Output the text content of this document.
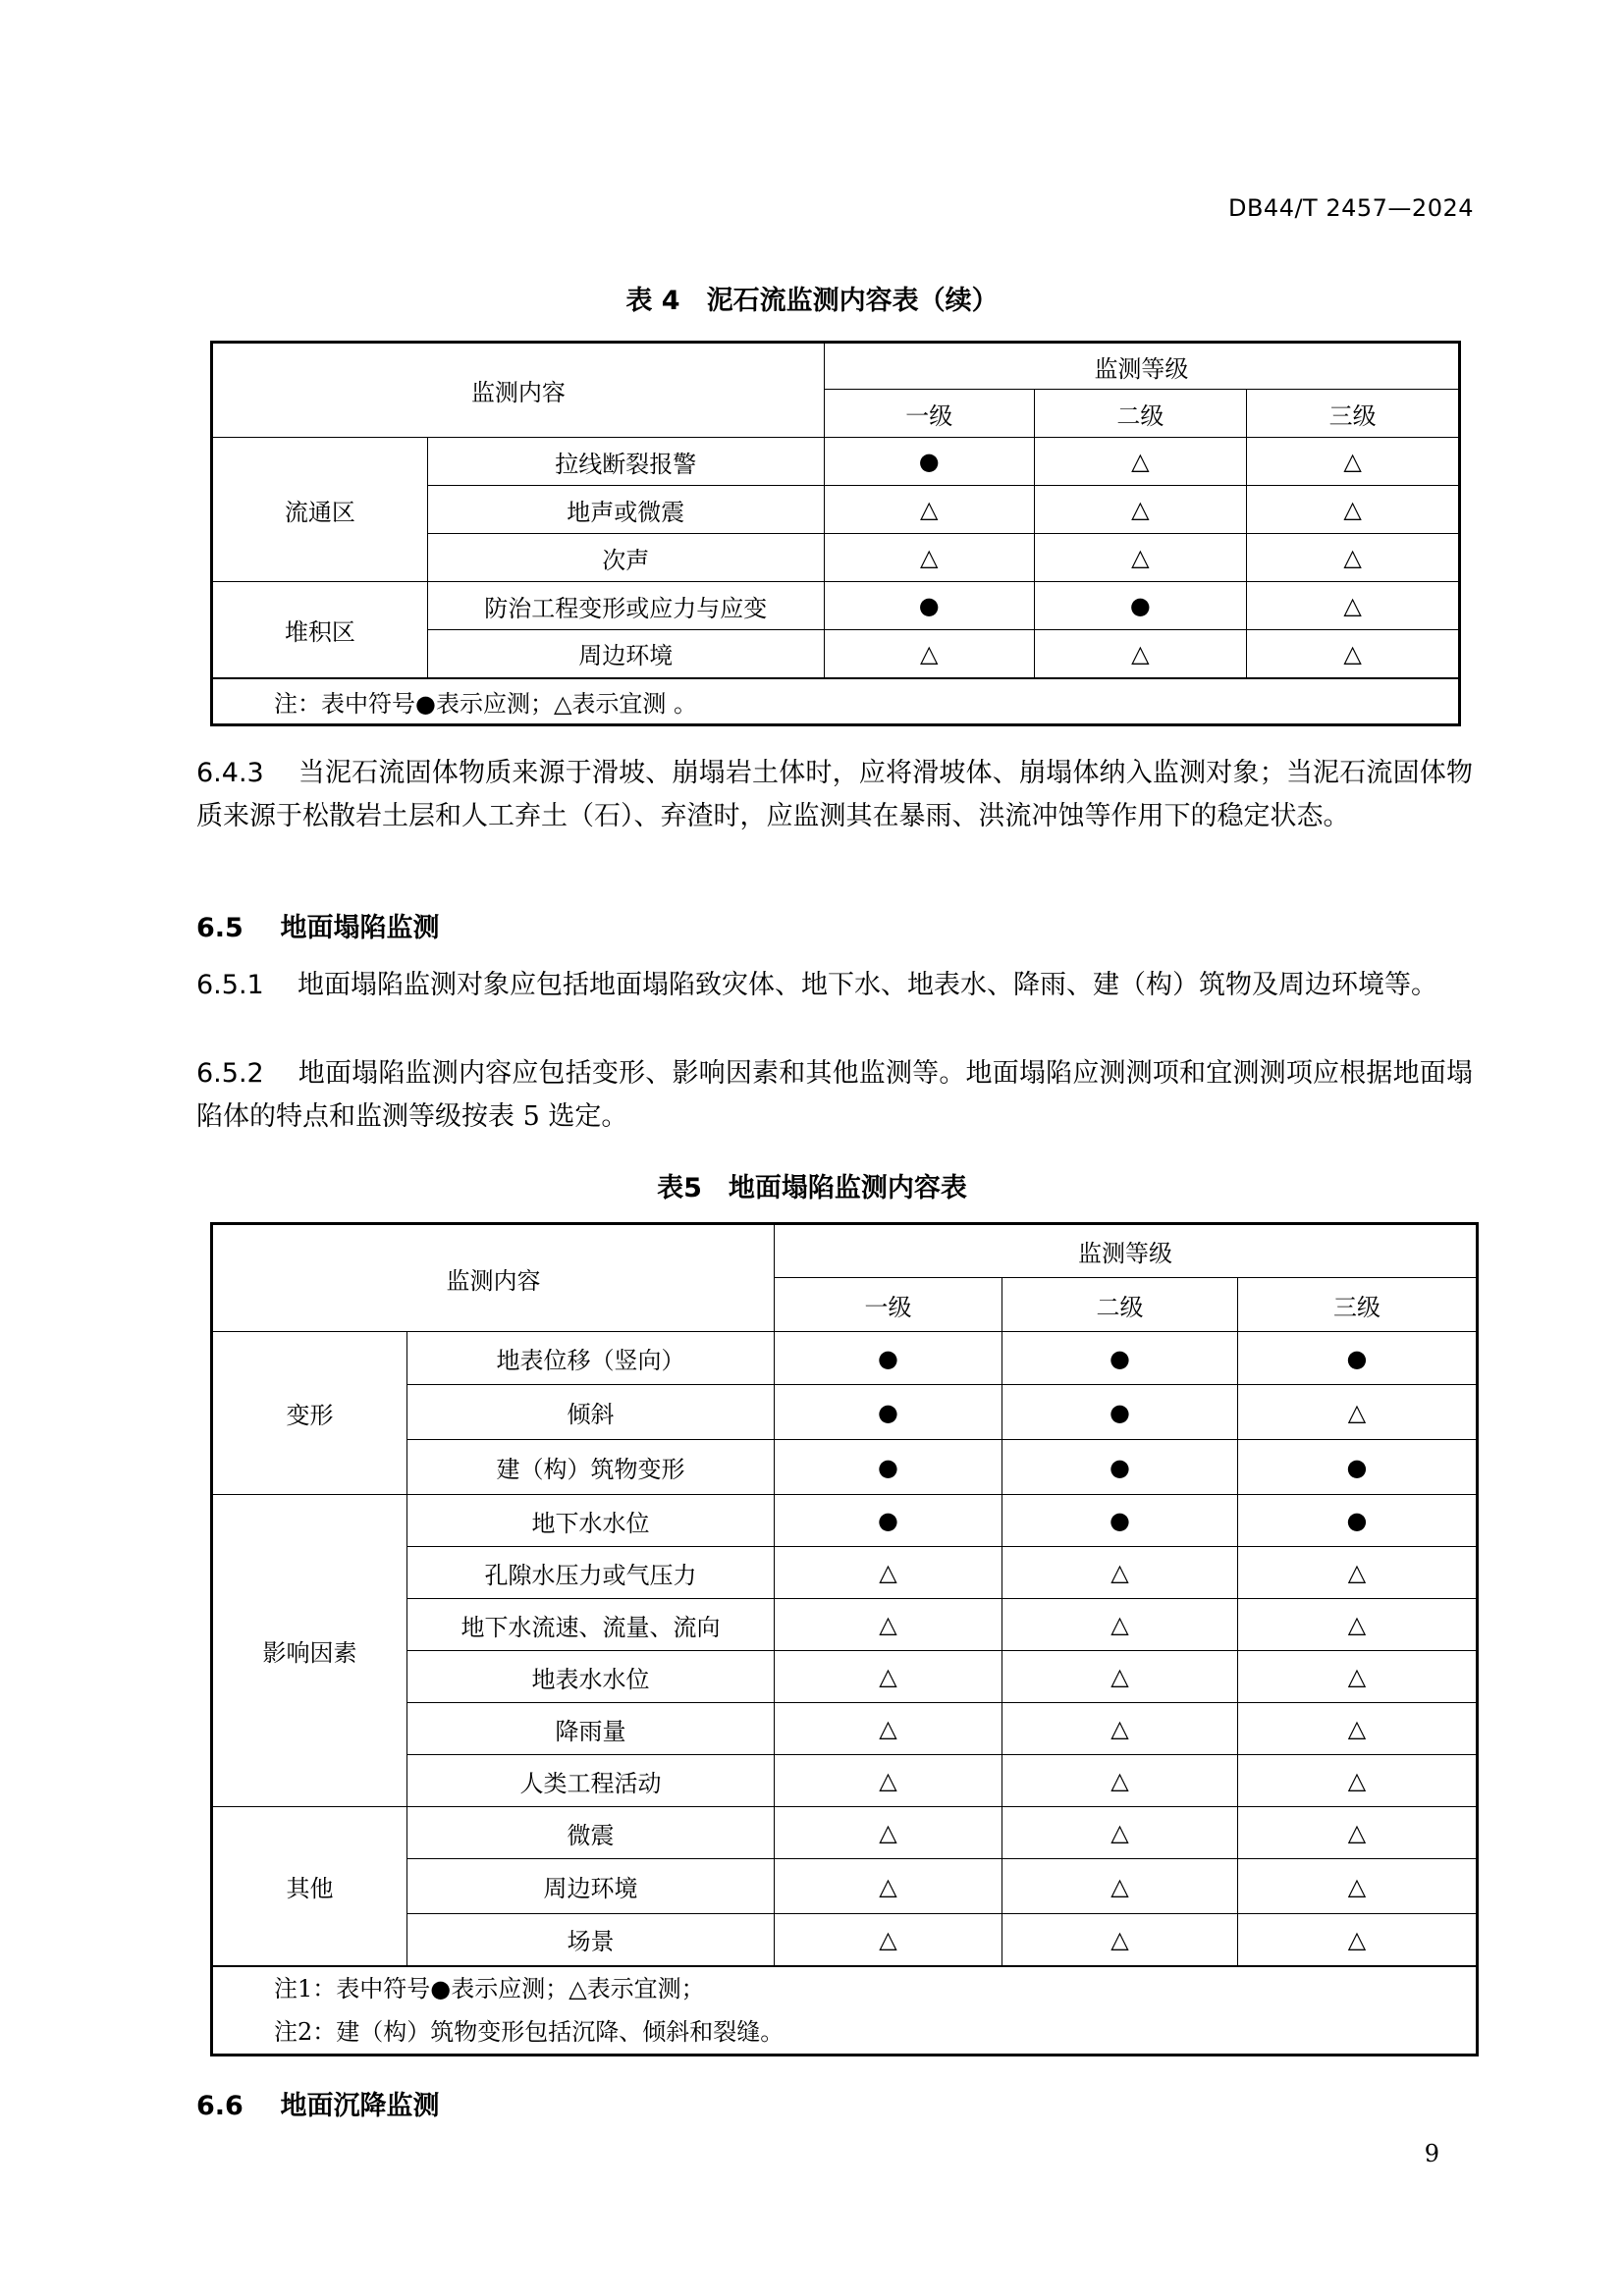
DB44/T 2457—2024
表 4　泥石流监测内容表（续）
监测内容		监测等级		
		一级	二级	三级
流通区	拉线断裂报警	●	△	△
	地声或微震	△	△	△
	次声	△	△	△
堆积区	防治工程变形或应力与应变	●	●	△
	周边环境	△	△	△
注：表中符号●表示应测；△表示宜测 。				
6.4.3 当泥石流固体物质来源于滑坡、崩塌岩土体时，应将滑坡体、崩塌体纳入监测对象；当泥石流固体物质来源于松散岩土层和人工弃土（石）、弃渣时，应监测其在暴雨、洪流冲蚀等作用下的稳定状态。
6.5 地面塌陷监测
6.5.1 地面塌陷监测对象应包括地面塌陷致灾体、地下水、地表水、降雨、建（构）筑物及周边环境等。
6.5.2 地面塌陷监测内容应包括变形、影响因素和其他监测等。地面塌陷应测测项和宜测测项应根据地面塌陷体的特点和监测等级按表 5 选定。
表5　地面塌陷监测内容表
监测内容		监测等级		
		一级	二级	三级
变形	地表位移（竖向）	●	●	●
	倾斜	●	●	△
	建（构）筑物变形	●	●	●
影响因素	地下水水位	●	●	●
	孔隙水压力或气压力	△	△	△
	地下水流速、流量、流向	△	△	△
	地表水水位	△	△	△
	降雨量	△	△	△
	人类工程活动	△	△	△
其他	微震	△	△	△
	周边环境	△	△	△
	场景	△	△	△

注1：表中符号●表示应测；△表示宜测；
注2：建（构）筑物变形包括沉降、倾斜和裂缝。				
6.6 地面沉降监测
9
